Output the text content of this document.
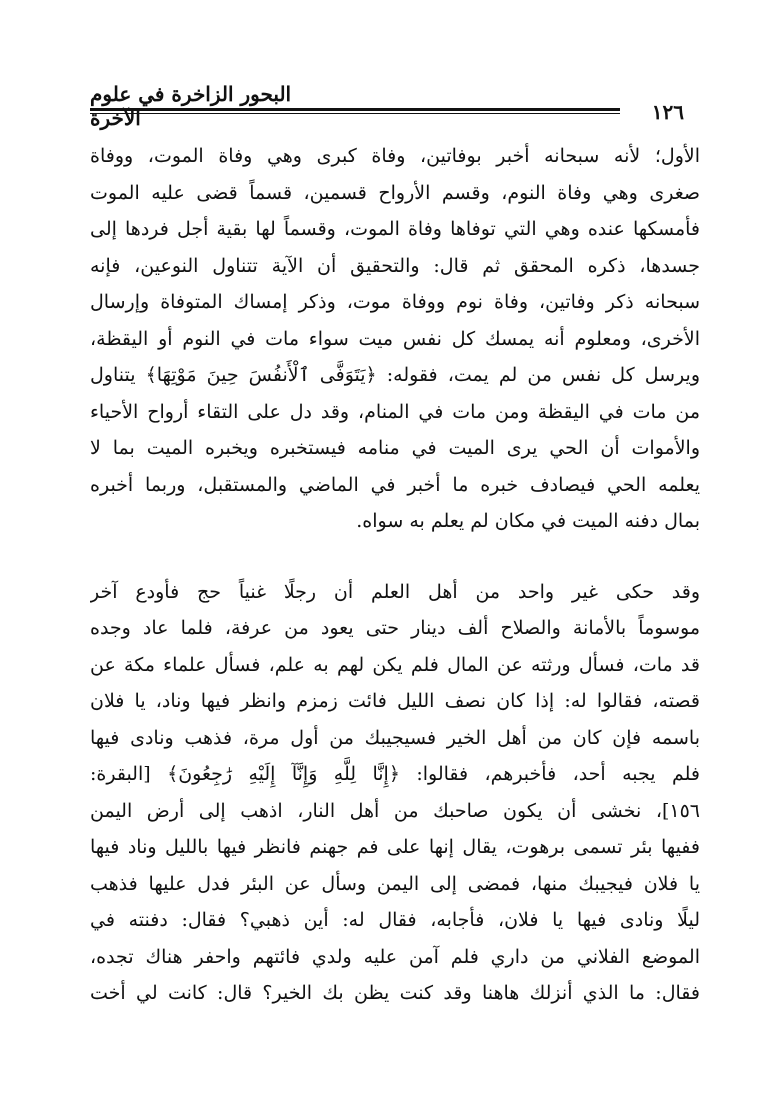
البحور الزاخرة في علوم الآخرة	١٢٦

الأول؛ لأنه سبحانه أخبر بوفاتين، وفاة كبرى وهي وفاة الموت، ووفاة
صغرى وهي وفاة النوم، وقسم الأرواح قسمين، قسماً قضى عليه الموت
فأمسكها عنده وهي التي توفاها وفاة الموت، وقسماً لها بقية أجل فردها إلى
جسدها، ذكره المحقق ثم قال: والتحقيق أن الآية تتناول النوعين، فإنه
سبحانه ذكر وفاتين، وفاة نوم ووفاة موت، وذكر إمساك المتوفاة وإرسال
الأخرى، ومعلوم أنه يمسك كل نفس ميت سواء مات في النوم أو اليقظة،
ويرسل كل نفس من لم يمت، فقوله: ﴿يَتَوَفَّى ٱلْأَنفُسَ حِينَ مَوْتِهَا﴾ يتناول
من مات في اليقظة ومن مات في المنام، وقد دل على التقاء أرواح الأحياء
والأموات أن الحي يرى الميت في منامه فيستخبره ويخبره الميت بما لا
يعلمه الحي فيصادف خبره ما أخبر في الماضي والمستقبل، وربما أخبره
بمال دفنه الميت في مكان لم يعلم به سواه.

وقد حكى غير واحد من أهل العلم أن رجلًا غنياً حج فأودع آخر
موسوماً بالأمانة والصلاح ألف دينار حتى يعود من عرفة، فلما عاد وجده
قد مات، فسأل ورثته عن المال فلم يكن لهم به علم، فسأل علماء مكة عن
قصته، فقالوا له: إذا كان نصف الليل فائت زمزم وانظر فيها وناد، يا فلان
باسمه فإن كان من أهل الخير فسيجيبك من أول مرة، فذهب ونادى فيها
فلم يجبه أحد، فأخبرهم، فقالوا: ﴿إِنَّا لِلَّهِ وَإِنَّآ إِلَيْهِ رَٰجِعُونَ﴾ [البقرة:
١٥٦]، نخشى أن يكون صاحبك من أهل النار، اذهب إلى أرض اليمن
ففيها بئر تسمى برهوت، يقال إنها على فم جهنم فانظر فيها بالليل وناد فيها
يا فلان فيجيبك منها، فمضى إلى اليمن وسأل عن البئر فدل عليها فذهب
ليلًا ونادى فيها يا فلان، فأجابه، فقال له: أين ذهبي؟ فقال: دفنته في
الموضع الفلاني من داري فلم آمن عليه ولدي فائتهم واحفر هناك تجده،
فقال: ما الذي أنزلك هاهنا وقد كنت يظن بك الخير؟ قال: كانت لي أخت
